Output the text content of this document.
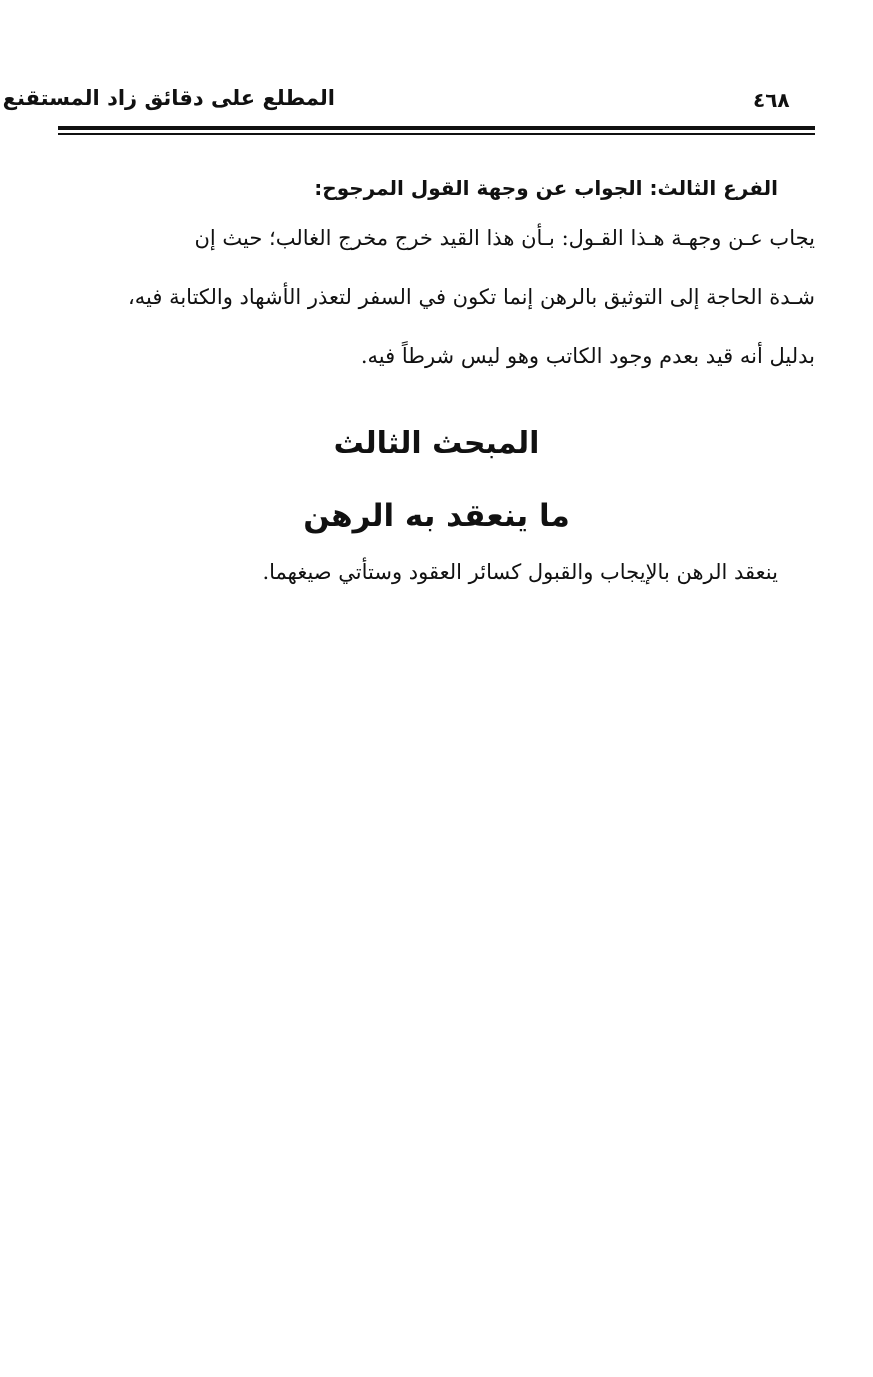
المطلع على دقائق زاد المستقنع	٤٦٨
الفرع الثالث: الجواب عن وجهة القول المرجوح:
يجاب عـن وجهـة هـذا القـول: بـأن هذا القيد خرج مخرج الغالب؛ حيث إن
شـدة الحاجة إلى التوثيق بالرهن إنما تكون في السفر لتعذر الأشهاد والكتابة فيه،
بدليل أنه قيد بعدم وجود الكاتب وهو ليس شرطاً فيه.
المبحث الثالث
ما ينعقد به الرهن
ينعقد الرهن بالإيجاب والقبول كسائر العقود وستأتي صيغهما.
